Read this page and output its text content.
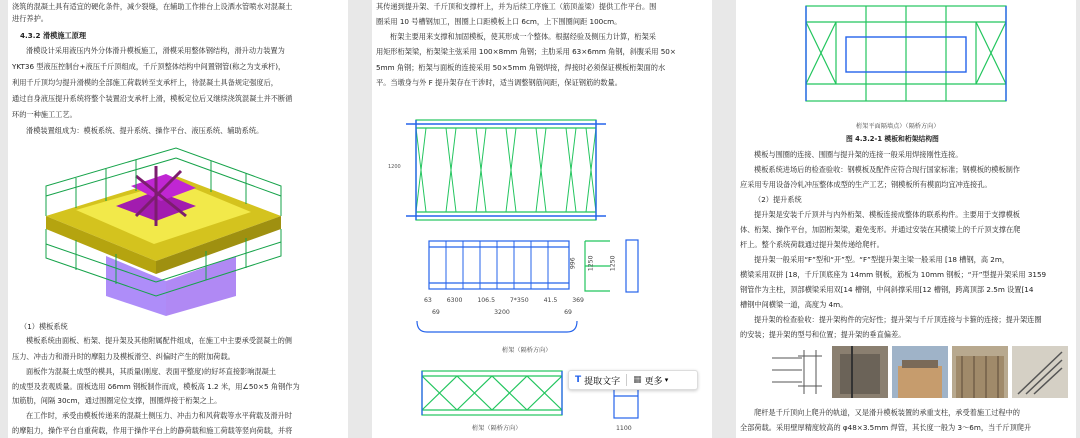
浇筑的混凝土具有适宜的硬化条件，减少裂缝，在辅助工作排台上设洒水管喷水对混凝土
进行养护。
4.3.2 滑模施工原理
滑模设计采用液压内外分体滑升模板施工，滑模采用整体钢结构，滑升动力装置为
YKT36 型液压控制台+液压千斤顶组成，千斤顶整体结构中间置钢管(称之为支承杆)，
利用千斤顶均匀提升滑模的全部施工荷载转至支承杆上，待混凝土具备规定强度后，
通过自身液压提升系统将整个装置沿支承杆上滑，模板定位后又继续浇筑混凝土并不断循
环的一种施工工艺。
滑模装置组成为：模板系统、提升系统、操作平台、液压系统、辅助系统。
（1）模板系统
模板系统由面板、桁架、提升架及其他附属配件组成，在施工中主要承受混凝土的侧
压力、冲击力和滑升时的摩阻力及模板滑空、纠偏时产生的附加荷载。
面板作为混凝土成型的模具，其质量(刚度、表面平整度)的好坏直接影响混凝土
的成型及表观质量。面板选用 δ6mm 钢板制作而成，模板高 1.2 米，用∠50×5 角钢作为
加筋肋，间隔 30cm，通过围圈定位支撑，围圈焊接于桁架之上。
在工作时，承受由模板传递来的混凝土侧压力、冲击力和风荷载等水平荷载及滑升时
的摩阻力，操作平台自重荷载，作用于操作平台上的静荷载和施工荷载等竖向荷载，并将
其传递到提升架、千斤顶和支撑杆上，并为后续工序施工（筋顶盖梁）提供工作平台。围
圈采用 10 号槽钢加工，围圈上口距模板上口 6cm，上下围圈间距 100cm。
桁架主要用来支撑和加固模板，使其形成一个整体。根据经验及侧压力计算，桁架采
用矩形桁架梁，桁架梁主弦采用 100×8mm 角钢；主肋采用 63×6mm 角钢，斜腹采用 50×
5mm 角钢；桁架与面板的连接采用 50×5mm 角钢焊接，焊接时必须保证模板桁架面的水
平。当墩身与外 F 提升架存在干涉时，适当调整钢筋间距，保证钢筋的数量。
1200
63 6300 106.5 7*350 41.5 369
69	3200	69
桁架（隔桥方向）
996	1250	1250
桁架（隔桥方向）	1100
T 提取文字 ▦ 更多 ▾
桁架平面隔墙点）（隔桥方向）
图 4.3.2-1 模板和桁架结构图
模板与围圈的连接、围圈与提升架的连接一般采用焊接刚性连接。
模板系统进场后的检查验收：钢模板及配件应符合现行国家标准；钢模板的模板制作
应采用专用设备冷轧冲压整体成型的生产工艺；钢模板所有模面均宜冲连接孔。
（2）提升系统
提升架是安装千斤顶并与内外桁架、模板连接成整体的联系构件。主要用于支撑模板
体、桁架、操作平台，加固桁架梁，避免变形。并通过安装在其横梁上的千斤顶支撑在爬
杆上。整个系统荷载通过提升架传递给爬杆。
提升架一般采用“F”型和“开”型。“F”型提升架主梁一般采用 [18 槽钢，高 2m，
横梁采用双拼 [18，千斤顶底座为 14mm 钢板，筋板为 10mm 钢板；“开”型提升架采用 3159
钢管作为主柱，顶部横梁采用双[14 槽钢，中间斜撑采用[12 槽钢，跨离顶部 2.5m 设置[14
槽钢中间横梁一道，高度为 4m。
提升架的检查验收：提升架构件的完好性；提升架与千斤顶连接与卡箍的连接；提升架连圈
的安装；提升架的型号和位置；提升架的垂直偏差。
爬杆是千斤顶向上爬升的轨道，又是滑升模板装置的承重支柱，承受着施工过程中的
全部荷载。采用壁厚精度较高的 φ48×3.5mm 焊管，其长度一般为 3～6m，当千斤顶爬升
